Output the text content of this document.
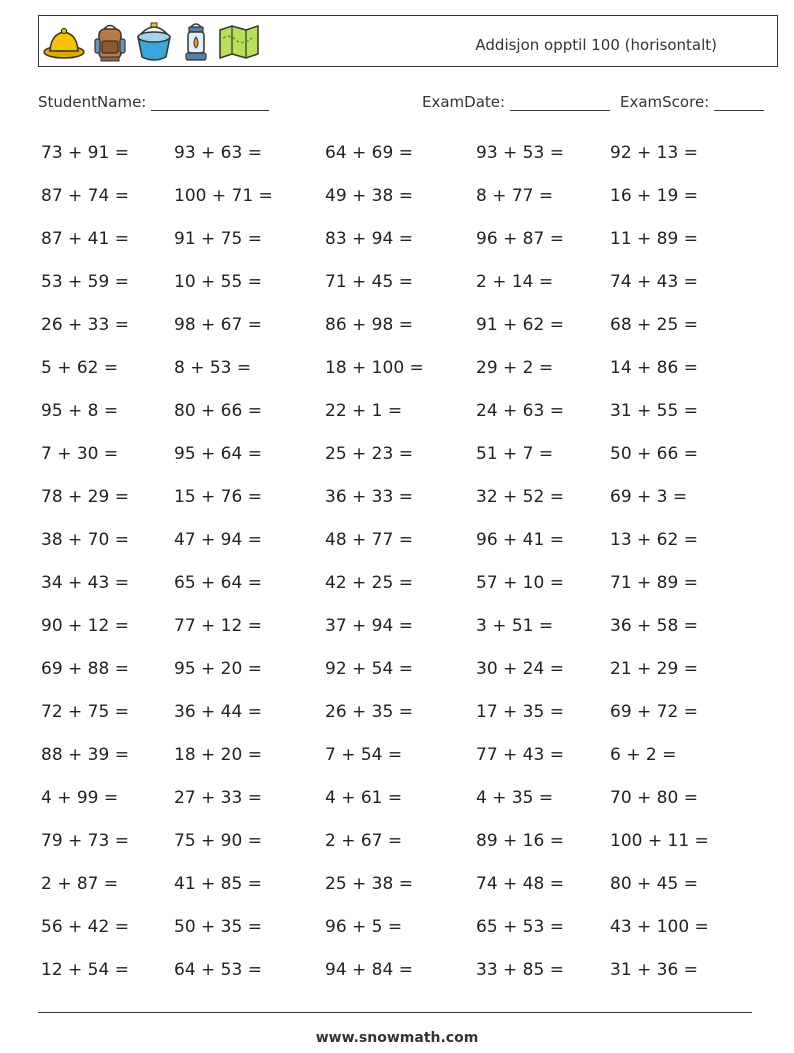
Addisjon opptil 100 (horisontalt)
StudentName:	ExamDate:	ExamScore:
73 + 91 =	93 + 63 =	64 + 69 =	93 + 53 =	92 + 13 =
87 + 74 =	100 + 71 =	49 + 38 =	8 + 77 =	16 + 19 =
87 + 41 =	91 + 75 =	83 + 94 =	96 + 87 =	11 + 89 =
53 + 59 =	10 + 55 =	71 + 45 =	2 + 14 =	74 + 43 =
26 + 33 =	98 + 67 =	86 + 98 =	91 + 62 =	68 + 25 =
5 + 62 =	8 + 53 =	18 + 100 =	29 + 2 =	14 + 86 =
95 + 8 =	80 + 66 =	22 + 1 =	24 + 63 =	31 + 55 =
7 + 30 =	95 + 64 =	25 + 23 =	51 + 7 =	50 + 66 =
78 + 29 =	15 + 76 =	36 + 33 =	32 + 52 =	69 + 3 =
38 + 70 =	47 + 94 =	48 + 77 =	96 + 41 =	13 + 62 =
34 + 43 =	65 + 64 =	42 + 25 =	57 + 10 =	71 + 89 =
90 + 12 =	77 + 12 =	37 + 94 =	3 + 51 =	36 + 58 =
69 + 88 =	95 + 20 =	92 + 54 =	30 + 24 =	21 + 29 =
72 + 75 =	36 + 44 =	26 + 35 =	17 + 35 =	69 + 72 =
88 + 39 =	18 + 20 =	7 + 54 =	77 + 43 =	6 + 2 =
4 + 99 =	27 + 33 =	4 + 61 =	4 + 35 =	70 + 80 =
79 + 73 =	75 + 90 =	2 + 67 =	89 + 16 =	100 + 11 =
2 + 87 =	41 + 85 =	25 + 38 =	74 + 48 =	80 + 45 =
56 + 42 =	50 + 35 =	96 + 5 =	65 + 53 =	43 + 100 =
12 + 54 =	64 + 53 =	94 + 84 =	33 + 85 =	31 + 36 =
www.snowmath.com
